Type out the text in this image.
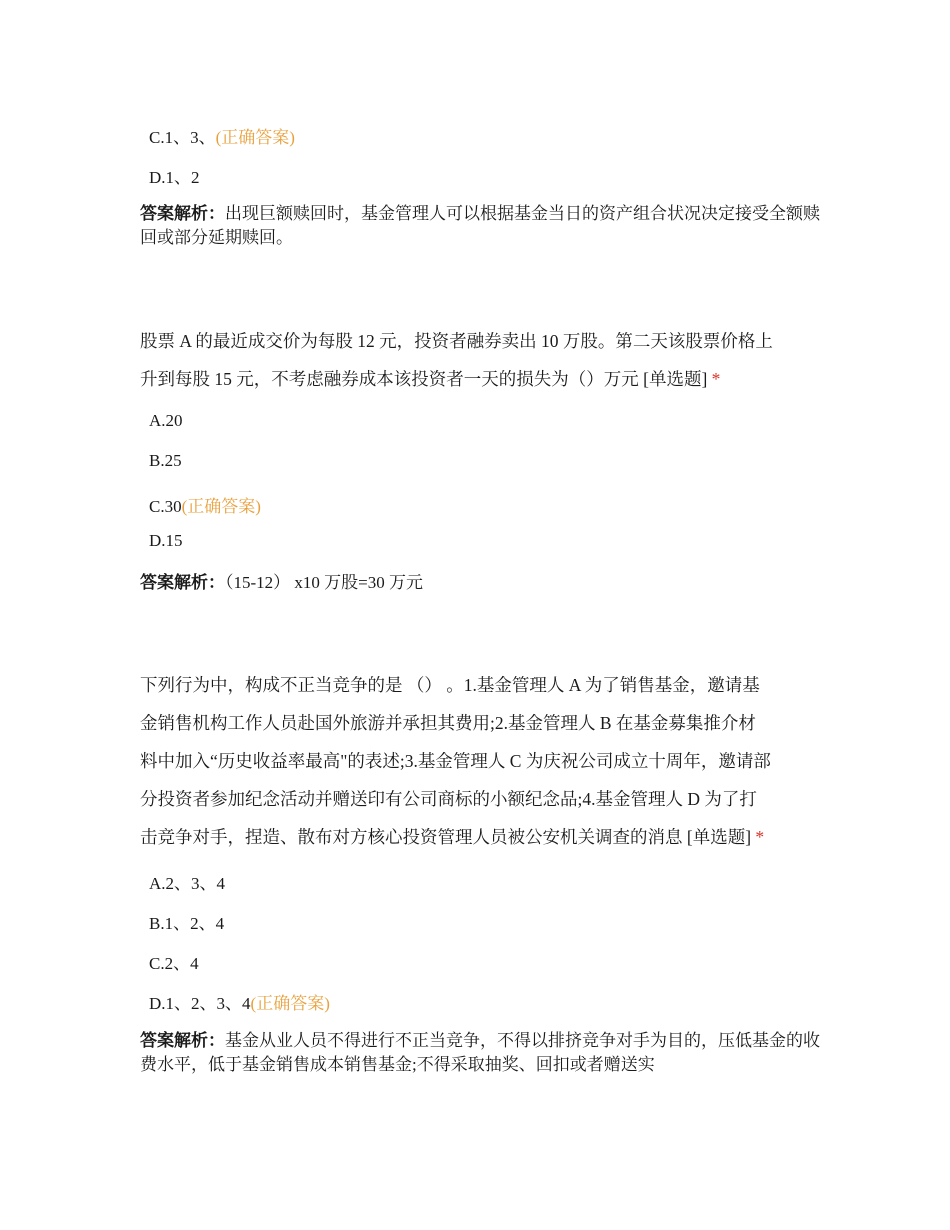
C.1、3、(正确答案)
D.1、2
答案解析：出现巨额赎回时，基金管理人可以根据基金当日的资产组合状况决定接受全额赎回或部分延期赎回。
股票 A 的最近成交价为每股 12 元，投资者融券卖出 10 万股。第二天该股票价格上
升到每股 15 元，不考虑融券成本该投资者一天的损失为（）万元 [单选题] *
A.20
B.25
C.30(正确答案)
D.15
答案解析：（15-12） x10 万股=30 万元
下列行为中，构成不正当竞争的是 （） 。1.基金管理人 A 为了销售基金，邀请基
金销售机构工作人员赴国外旅游并承担其费用;2.基金管理人 B 在基金募集推介材
料中加入“历史收益率最高"的表述;3.基金管理人 C 为庆祝公司成立十周年，邀请部
分投资者参加纪念活动并赠送印有公司商标的小额纪念品;4.基金管理人 D 为了打
击竞争对手，捏造、散布对方核心投资管理人员被公安机关调查的消息 [单选题] *
A.2、3、4
B.1、2、4
C.2、4
D.1、2、3、4(正确答案)
答案解析：基金从业人员不得进行不正当竞争，不得以排挤竞争对手为目的，压低基金的收费水平，低于基金销售成本销售基金;不得采取抽奖、回扣或者赠送实
